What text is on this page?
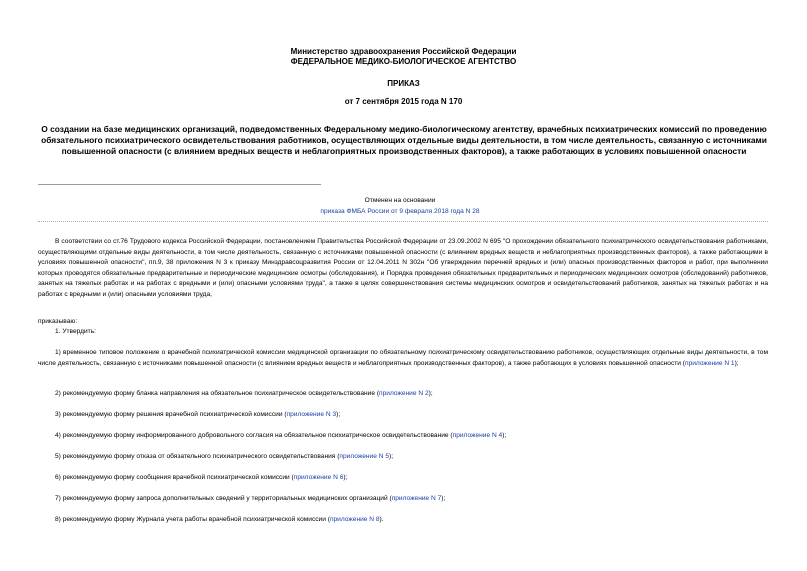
Министерство здравоохранения Российской Федерации
ФЕДЕРАЛЬНОЕ МЕДИКО-БИОЛОГИЧЕСКОЕ АГЕНТСТВО
ПРИКАЗ
от 7 сентября 2015 года N 170
О создании на базе медицинских организаций, подведомственных Федеральному медико-биологическому агентству, врачебных психиатрических комиссий по проведению обязательного психиатрического освидетельствования работников, осуществляющих отдельные виды деятельности, в том числе деятельность, связанную с источниками повышенной опасности (с влиянием вредных веществ и неблагоприятных производственных факторов), а также работающих в условиях повышенной опасности
Отменен на основании
приказа ФМБА России от 9 февраля 2018 года N 28
В соответствии со ст.76 Трудового кодекса Российской Федерации, постановлением Правительства Российской Федерации от 23.09.2002 N 695 "О прохождении обязательного психиатрического освидетельствования работниками, осуществляющими отдельные виды деятельности, в том числе деятельность, связанную с источниками повышенной опасности (с влиянием вредных веществ и неблагоприятных производственных факторов), а также работающими в условиях повышенной опасности", пп.9, 38 приложения N 3 к приказу Минздравсоцразвития России от 12.04.2011 N 302н "Об утверждении перечней вредных и (или) опасных производственных факторов и работ, при выполнении которых проводятся обязательные предварительные и периодические медицинские осмотры (обследования), и Порядка проведения обязательных предварительных и периодических медицинских осмотров (обследований) работников, занятых на тяжелых работах и на работах с вредными и (или) опасными условиями труда", а также в целях совершенствования системы медицинских осмотров и освидетельствований работников, занятых на тяжелых работах и на работах с вредными и (или) опасными условиями труда,
приказываю:
1. Утвердить:
1) временное типовое положение о врачебной психиатрической комиссии медицинской организации по обязательному психиатрическому освидетельствованию работников, осуществляющих отдельные виды деятельности, в том числе деятельность, связанную с источниками повышенной опасности (с влиянием вредных веществ и неблагоприятных производственных факторов), а также работающих в условиях повышенной опасности (приложение N 1);
2) рекомендуемую форму бланка направления на обязательное психиатрическое освидетельствование (приложение N 2);
3) рекомендуемую форму решения врачебной психиатрической комиссии (приложение N 3);
4) рекомендуемую форму информированного добровольного согласия на обязательное психиатрическое освидетельствование (приложение N 4);
5) рекомендуемую форму отказа от обязательного психиатрического освидетельствования (приложение N 5);
6) рекомендуемую форму сообщения врачебной психиатрической комиссии (приложение N 6);
7) рекомендуемую форму запроса дополнительных сведений у территориальных медицинских организаций (приложение N 7);
8) рекомендуемую форму Журнала учета работы врачебной психиатрической комиссии (приложение N 8).
